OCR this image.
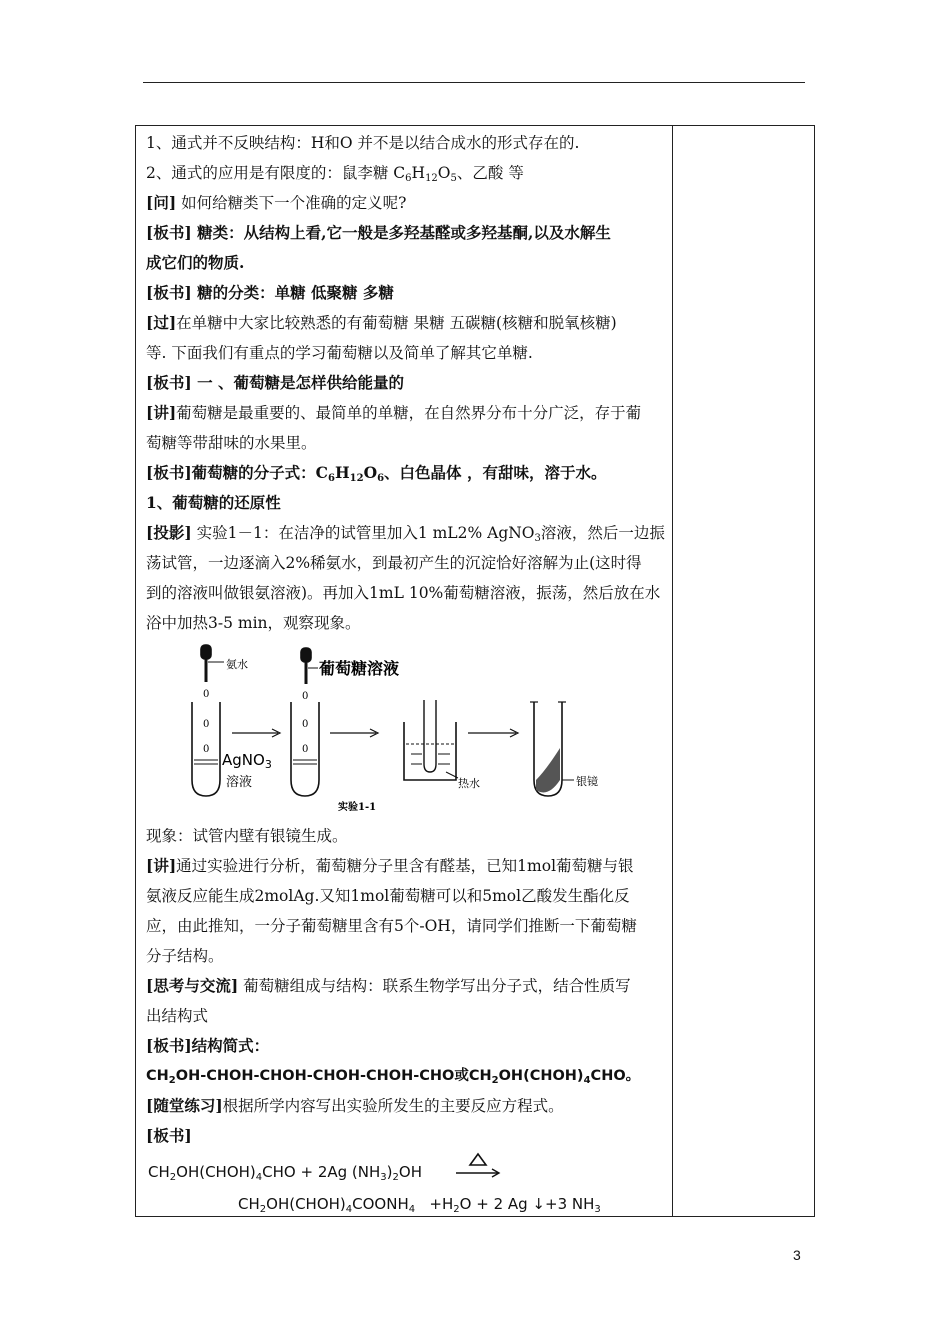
1、通式并不反映结构：H和O 并不是以结合成水的形式存在的.
2、通式的应用是有限度的：鼠李糖 $C_6H_{12}O_5$、乙酸 等
[问] 如何给糖类下一个准确的定义呢?
[板书] 糖类：从结构上看,它一般是多羟基醛或多羟基酮,以及水解生
成它们的物质.
[板书] 糖的分类：单糖 低聚糖 多糖
[过]在单糖中大家比较熟悉的有葡萄糖 果糖 五碳糖(核糖和脱氧核糖)
等. 下面我们有重点的学习葡萄糖以及简单了解其它单糖.
[板书] 一 、葡萄糖是怎样供给能量的
[讲]葡萄糖是最重要的、最简单的单糖，在自然界分布十分广泛，存于葡
萄糖等带甜味的水果里。
[板书]葡萄糖的分子式：$C_6H_{12}O_6$、白色晶体 ，有甜味，溶于水。
1、葡萄糖的还原性
[投影] 实验1－1：在洁净的试管里加入1 mL2% AgNO$_3$溶液，然后一边振
荡试管，一边逐滴入2%稀氨水，到最初产生的沉淀恰好溶解为止(这时得
到的溶液叫做银氨溶液)。再加入1mL 10%葡萄糖溶液，振荡，然后放在水
浴中加热3-5 min，观察现象。
氨水	葡萄糖溶液
0
0
0
0
0
0
AgNO$_3$
溶液	热水
实验1-1
银镜
现象：试管内壁有银镜生成。
[讲]通过实验进行分析，葡萄糖分子里含有醛基，已知1mol葡萄糖与银
氨液反应能生成2molAg.又知1mol葡萄糖可以和5mol乙酸发生酯化反
应，由此推知，一分子葡萄糖里含有5个-OH，请同学们推断一下葡萄糖
分子结构。
[思考与交流] 葡萄糖组成与结构：联系生物学写出分子式，结合性质写
出结构式
[板书]结构简式：
$CH_2OH-CHOH-CHOH-CHOH-CHOH$-CHO或$CH_2OH(CHOH)_4CHO$。
[随堂练习]根据所学内容写出实验所发生的主要反应方程式。
[板书]
$CH_2OH(CHOH)_4CHO + 2Ag$ $(NH_3)_2OH$
$CH_2OH(CHOH)_4COONH_4 +H_2O + 2$ Ag ↓+3 $NH_3$
3
